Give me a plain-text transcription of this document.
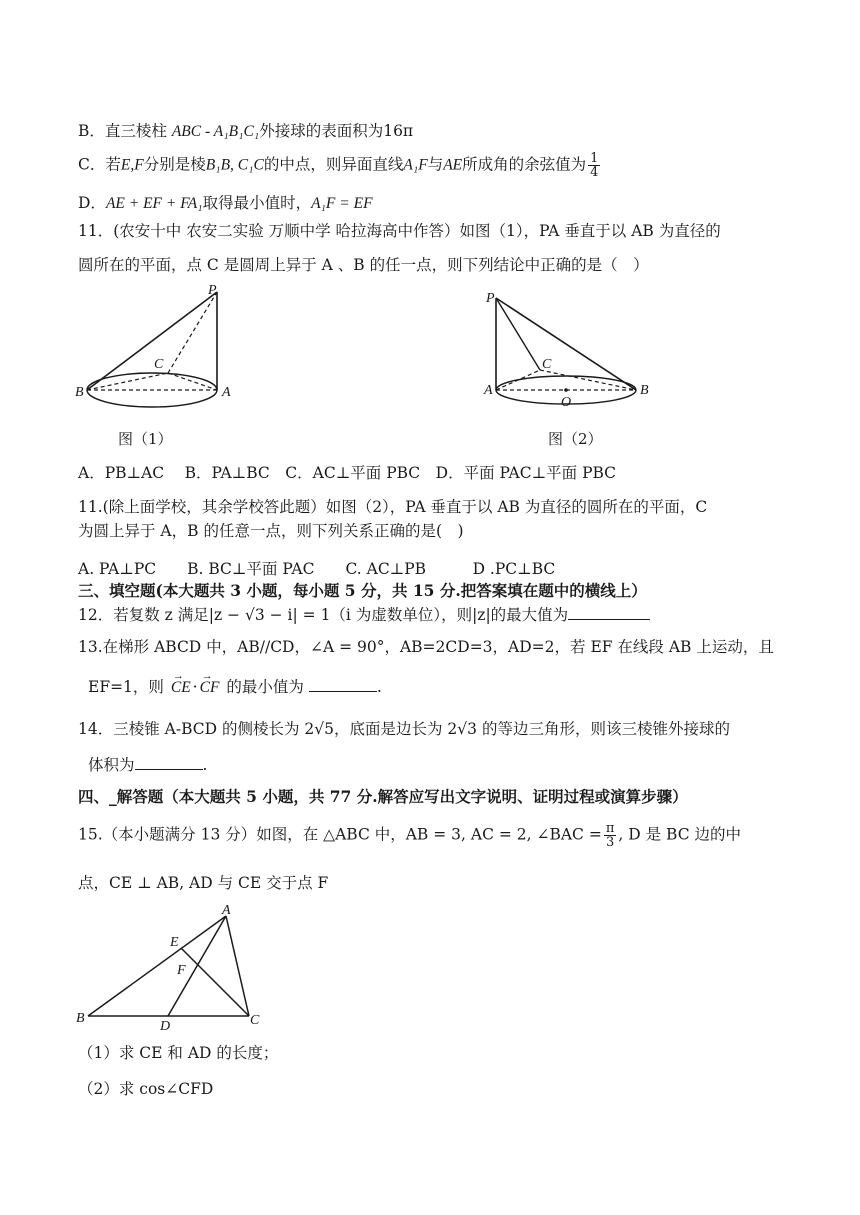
B．直三棱柱 ABC - A₁B₁C₁外接球的表面积为16π
C．若E,F分别是棱B₁B, C₁C的中点，则异面直线A₁F与AE所成角的余弦值为 $\frac{1}{4}$
D．AE + EF + FA₁取得最小值时，A₁F = EF
11．(农安十中 农安二实验 万顺中学 哈拉海高中作答）如图（1），PA 垂直于以 AB 为直径的
圆所在的平面，点 C 是圆周上异于 A 、B 的任一点，则下列结论中正确的是（　）
P
C
B	A
图（1）
P
C
A	B
O
图（2）
A．PB⊥AC　 B．PA⊥BC　C．AC⊥平面 PBC　D．平面 PAC⊥平面 PBC
11.(除上面学校，其余学校答此题）如图（2），PA 垂直于以 AB 为直径的圆所在的平面，C
为圆上异于 A，B 的任意一点，则下列关系正确的是(　)
A. PA⊥PC　　B. BC⊥平面 PAC　　C. AC⊥PB　　　D .PC⊥BC
三、填空题(本大题共 3 小题，每小题 5 分，共 15 分.把答案填在题中的横线上）
12．若复数 z 满足|z − √3 − i| = 1（i 为虚数单位），则|z|的最大值为
13.在梯形 ABCD 中，AB//CD，∠A = 90°，AB=2CD=3，AD=2，若 EF 在线段 AB 上运动，且
EF=1，则 → CE · → CF 的最小值为	.
14．三棱锥 A-BCD 的侧棱长为 2√5，底面是边长为 2√3 的等边三角形，则该三棱锥外接球的
体积为	.
四、_解答题（本大题共 5 小题，共 77 分.解答应写出文字说明、证明过程或演算步骤）
15.（本小题满分 13 分）如图，在 △ABC 中，AB = 3, AC = 2, ∠BAC = $\frac{\pi}{3}$ , D 是 BC 边的中
点，CE ⊥ AB, AD 与 CE 交于点 F
A
E
F
B
D	C
（1）求 CE 和 AD 的长度；
（2）求 cos∠CFD
